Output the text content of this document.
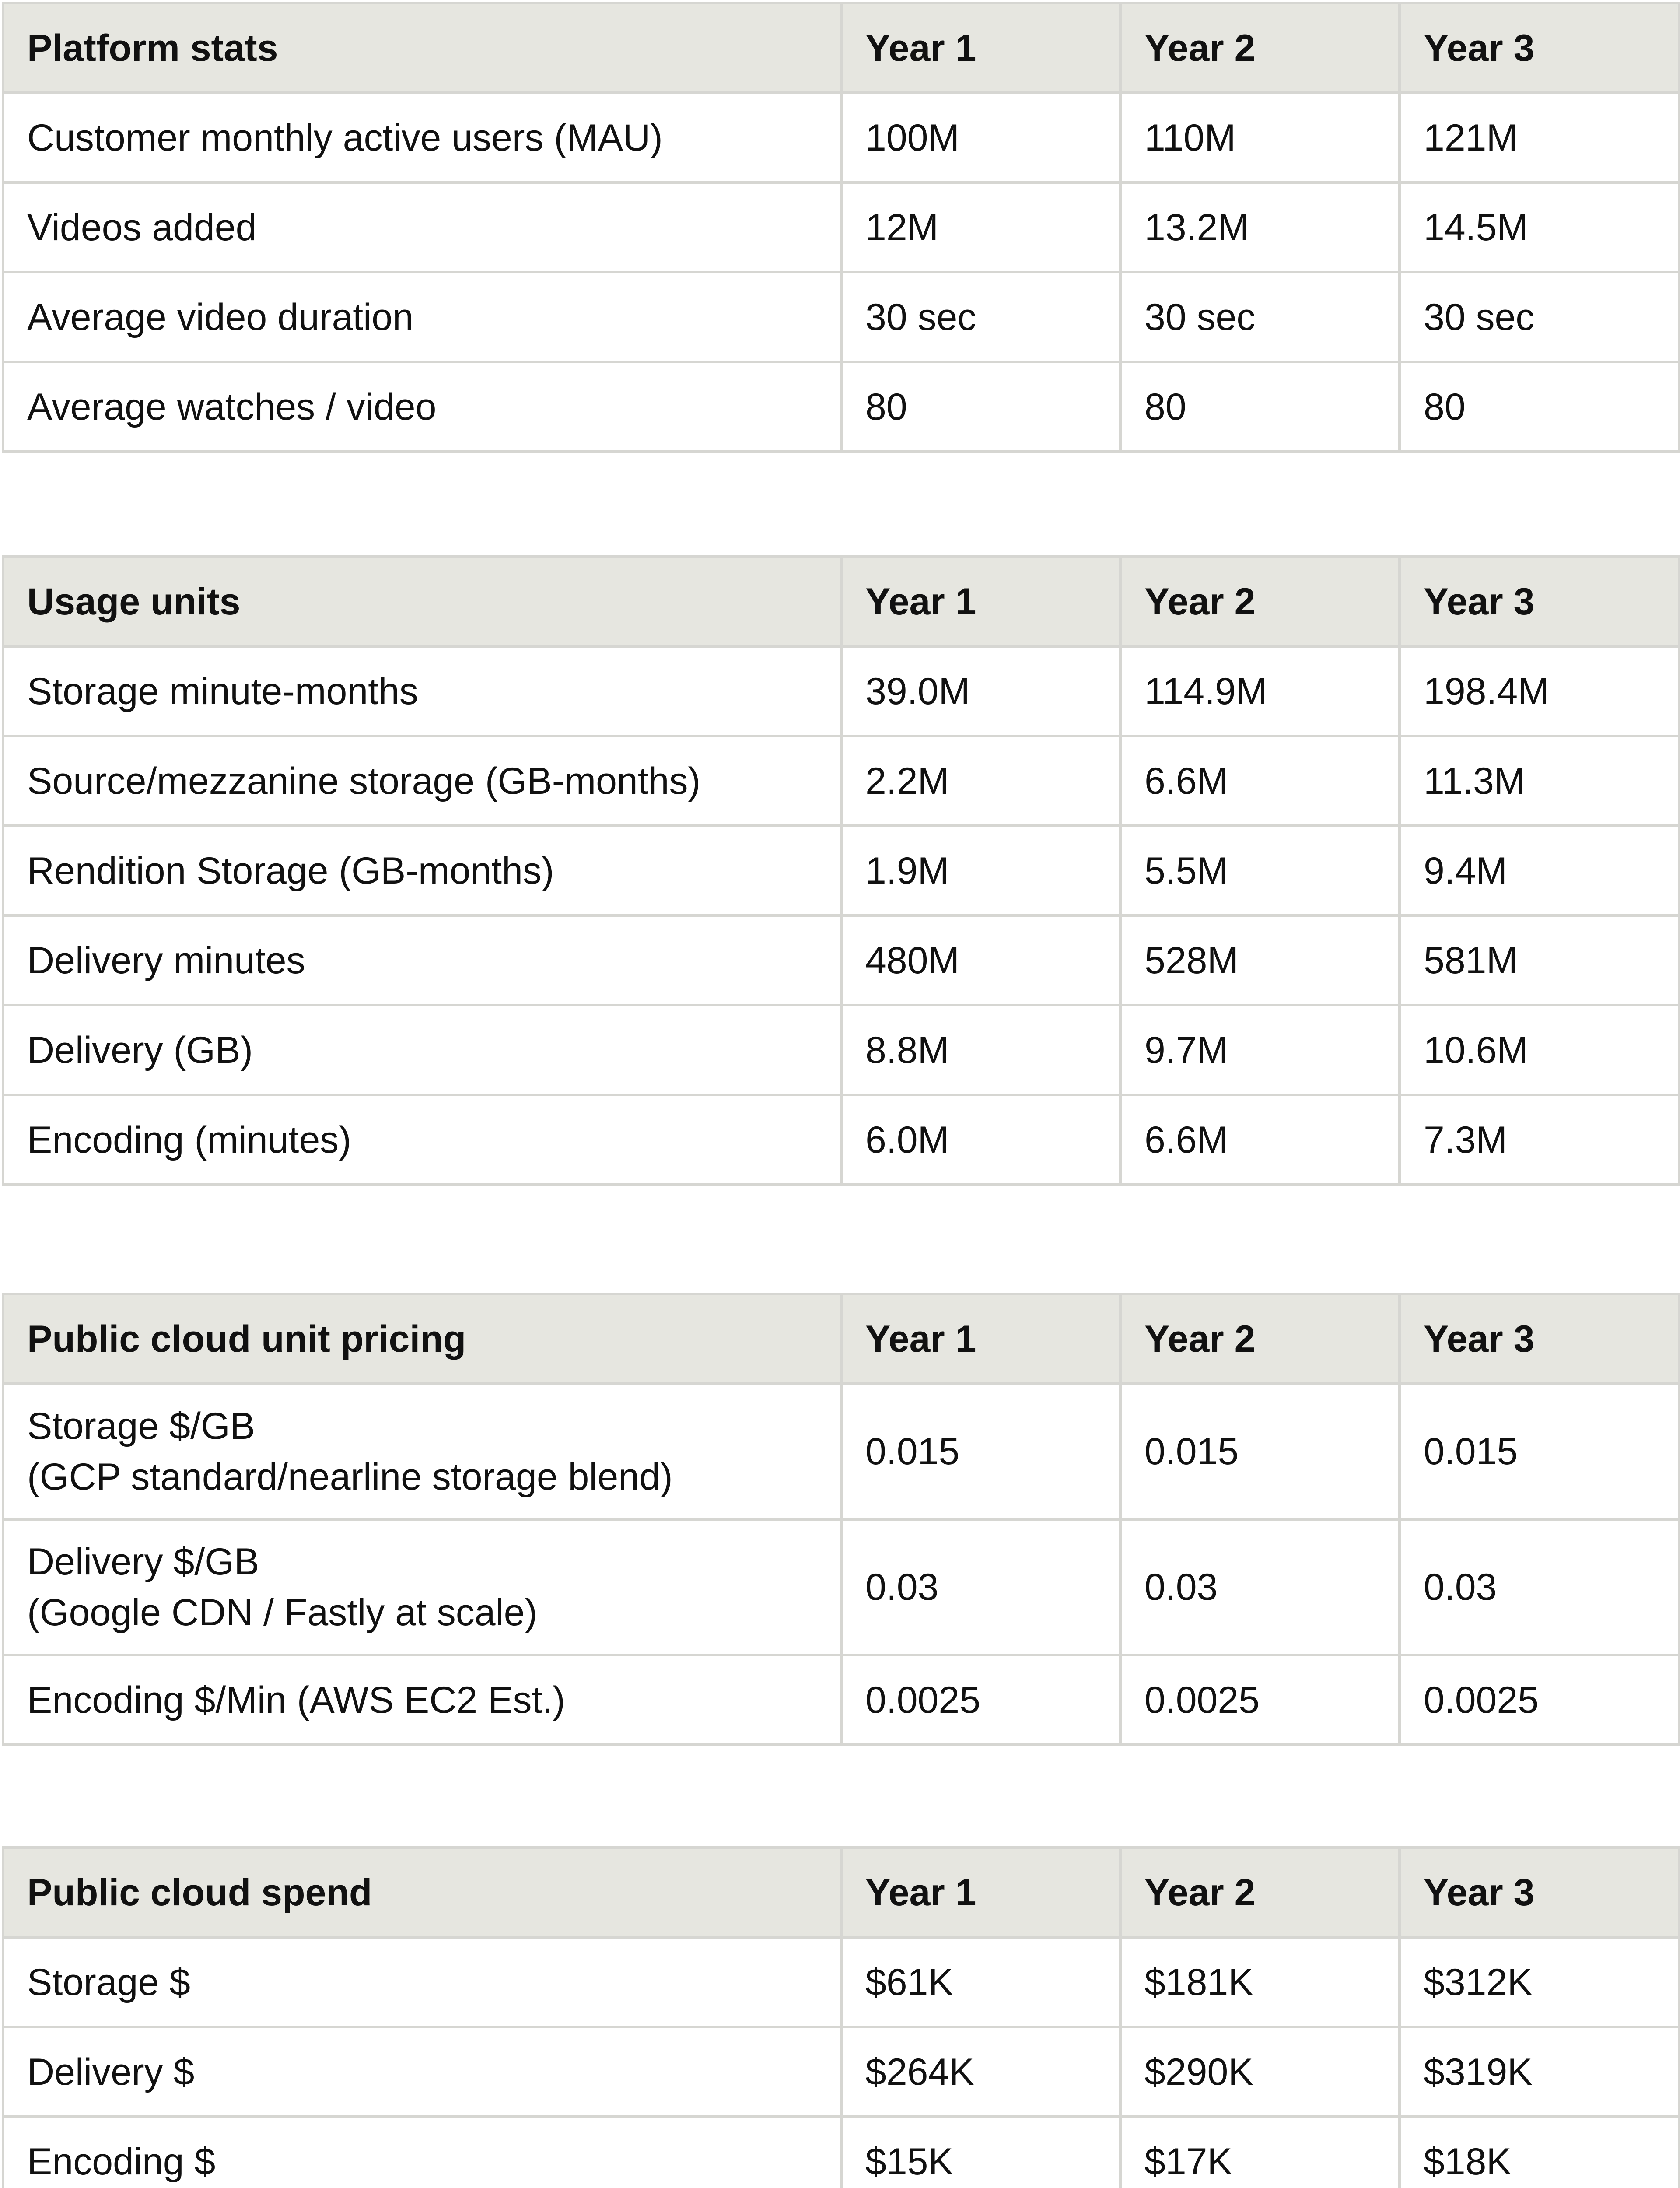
Platform stats	Year 1	Year 2	Year 3
Customer monthly active users (MAU)	100M	110M	121M
Videos added	12M	13.2M	14.5M
Average video duration	30 sec	30 sec	30 sec
Average watches / video	80	80	80
Usage units	Year 1	Year 2	Year 3
Storage minute-months	39.0M	114.9M	198.4M
Source/mezzanine storage (GB-months)	2.2M	6.6M	11.3M
Rendition Storage (GB-months)	1.9M	5.5M	9.4M
Delivery minutes	480M	528M	581M
Delivery (GB)	8.8M	9.7M	10.6M
Encoding (minutes)	6.0M	6.6M	7.3M
Public cloud unit pricing	Year 1	Year 2	Year 3

Storage $/GB
(GCP standard/nearline storage blend)	0.015	0.015	0.015

Delivery $/GB
(Google CDN / Fastly at scale)	0.03	0.03	0.03
Encoding $/Min (AWS EC2 Est.)	0.0025	0.0025	0.0025
Public cloud spend	Year 1	Year 2	Year 3
Storage $	$61K	$181K	$312K
Delivery $	$264K	$290K	$319K
Encoding $	$15K	$17K	$18K
